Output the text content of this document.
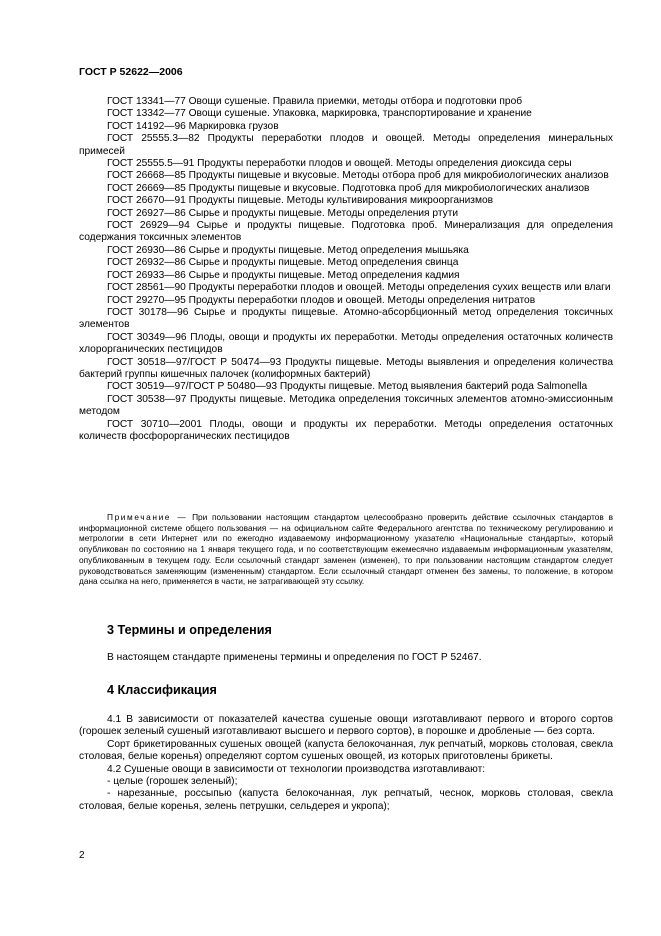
ГОСТ Р 52622—2006

ГОСТ 13341—77 Овощи сушеные. Правила приемки, методы отбора и подготовки проб

ГОСТ 13342—77 Овощи сушеные. Упаковка, маркировка, транспортирование и хранение

ГОСТ 14192—96 Маркировка грузов

ГОСТ 25555.3—82 Продукты переработки плодов и овощей. Методы определения минеральных примесей

ГОСТ 25555.5—91 Продукты переработки плодов и овощей. Методы определения диоксида серы

ГОСТ 26668—85 Продукты пищевые и вкусовые. Методы отбора проб для микробиологических анализов

ГОСТ 26669—85 Продукты пищевые и вкусовые. Подготовка проб для микробиологических анализов

ГОСТ 26670—91 Продукты пищевые. Методы культивирования микроорганизмов

ГОСТ 26927—86 Сырье и продукты пищевые. Методы определения ртути

ГОСТ 26929—94 Сырье и продукты пищевые. Подготовка проб. Минерализация для определения содержания токсичных элементов

ГОСТ 26930—86 Сырье и продукты пищевые. Метод определения мышьяка

ГОСТ 26932—86 Сырье и продукты пищевые. Метод определения свинца

ГОСТ 26933—86 Сырье и продукты пищевые. Метод определения кадмия

ГОСТ 28561—90 Продукты переработки плодов и овощей. Методы определения сухих веществ или влаги

ГОСТ 29270—95 Продукты переработки плодов и овощей. Методы определения нитратов

ГОСТ 30178—96 Сырье и продукты пищевые. Атомно-абсорбционный метод определения токсичных элементов

ГОСТ 30349—96 Плоды, овощи и продукты их переработки. Методы определения остаточных количеств хлорорганических пестицидов

ГОСТ 30518—97/ГОСТ Р 50474—93 Продукты пищевые. Методы выявления и определения количества бактерий группы кишечных палочек (колиформных бактерий)

ГОСТ 30519—97/ГОСТ Р 50480—93 Продукты пищевые. Метод выявления бактерий рода Salmonella

ГОСТ 30538—97 Продукты пищевые. Методика определения токсичных элементов атомно-эмиссионным методом

ГОСТ 30710—2001 Плоды, овощи и продукты их переработки. Методы определения остаточных количеств фосфорорганических пестицидов

Примечание — При пользовании настоящим стандартом целесообразно проверить действие ссылочных стандартов в информационной системе общего пользования — на официальном сайте Федерального агентства по техническому регулированию и метрологии в сети Интернет или по ежегодно издаваемому информационному указателю «Национальные стандарты», который опубликован по состоянию на 1 января текущего года, и по соответствующим ежемесячно издаваемым информационным указателям, опубликованным в текущем году. Если ссылочный стандарт заменен (изменен), то при пользовании настоящим стандартом следует руководствоваться заменяющим (измененным) стандартом. Если ссылочный стандарт отменен без замены, то положение, в котором дана ссылка на него, применяется в части, не затрагивающей эту ссылку.

3 Термины и определения

В настоящем стандарте применены термины и определения по ГОСТ Р 52467.

4 Классификация

4.1 В зависимости от показателей качества сушеные овощи изготавливают первого и второго сортов (горошек зеленый сушеный изготавливают высшего и первого сортов), в порошке и дробленые — без сорта.

Сорт брикетированных сушеных овощей (капуста белокочанная, лук репчатый, морковь столовая, свекла столовая, белые коренья) определяют сортом сушеных овощей, из которых приготовлены брикеты.

4.2 Сушеные овощи в зависимости от технологии производства изготавливают:

- целые (горошек зеленый);

- нарезанные, россыпью (капуста белокочанная, лук репчатый, чеснок, морковь столовая, свекла столовая, белые коренья, зелень петрушки, сельдерея и укропа);

2
